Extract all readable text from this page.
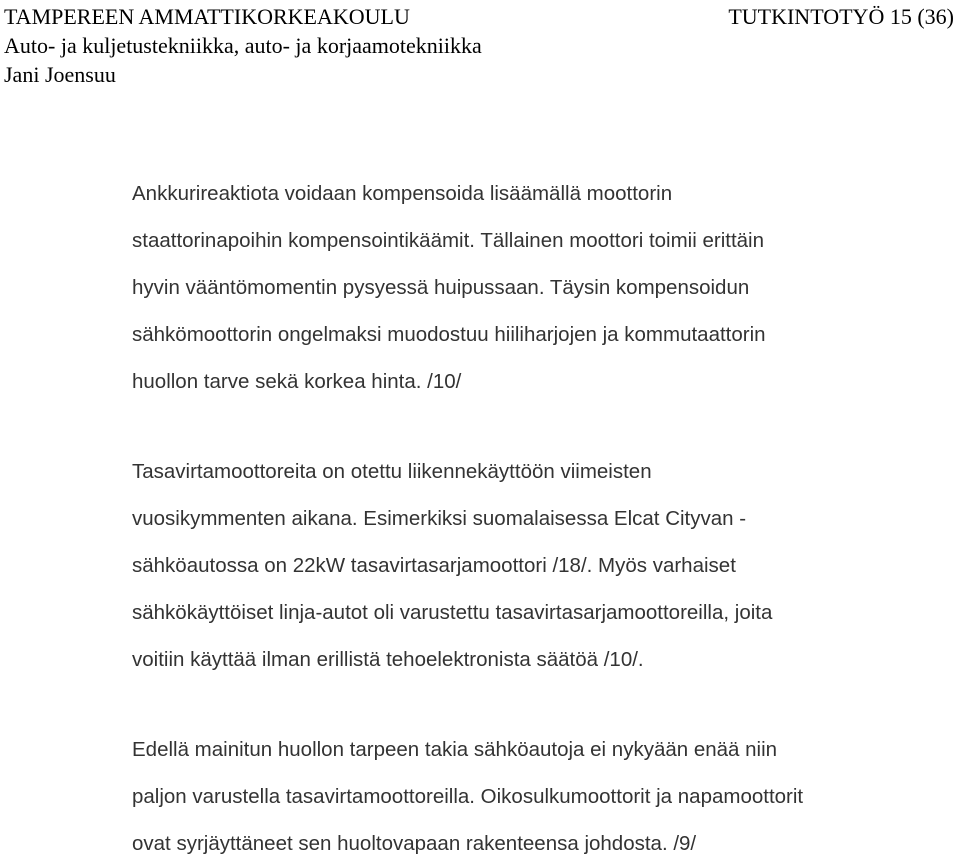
TAMPEREEN AMMATTIKORKEAKOULU	TUTKINTOTYÖ 15 (36)
Auto- ja kuljetustekniikka, auto- ja korjaamotekniikka
Jani Joensuu
Ankkurireaktiota voidaan kompensoida lisäämällä moottorin
staattorinapoihin kompensointikäämit. Tällainen moottori toimii erittäin
hyvin vääntömomentin pysyessä huipussaan. Täysin kompensoidun
sähkömoottorin ongelmaksi muodostuu hiiliharjojen ja kommutaattorin
huollon tarve sekä korkea hinta. /10/
Tasavirtamoottoreita on otettu liikennekäyttöön viimeisten
vuosikymmenten aikana. Esimerkiksi suomalaisessa Elcat Cityvan -
sähköautossa on 22kW tasavirtasarjamoottori /18/. Myös varhaiset
sähkökäyttöiset linja-autot oli varustettu tasavirtasarjamoottoreilla, joita
voitiin käyttää ilman erillistä tehoelektronista säätöä /10/.
Edellä mainitun huollon tarpeen takia sähköautoja ei nykyään enää niin
paljon varustella tasavirtamoottoreilla. Oikosulkumoottorit ja napamoottorit
ovat syrjäyttäneet sen huoltovapaan rakenteensa johdosta. /9/
